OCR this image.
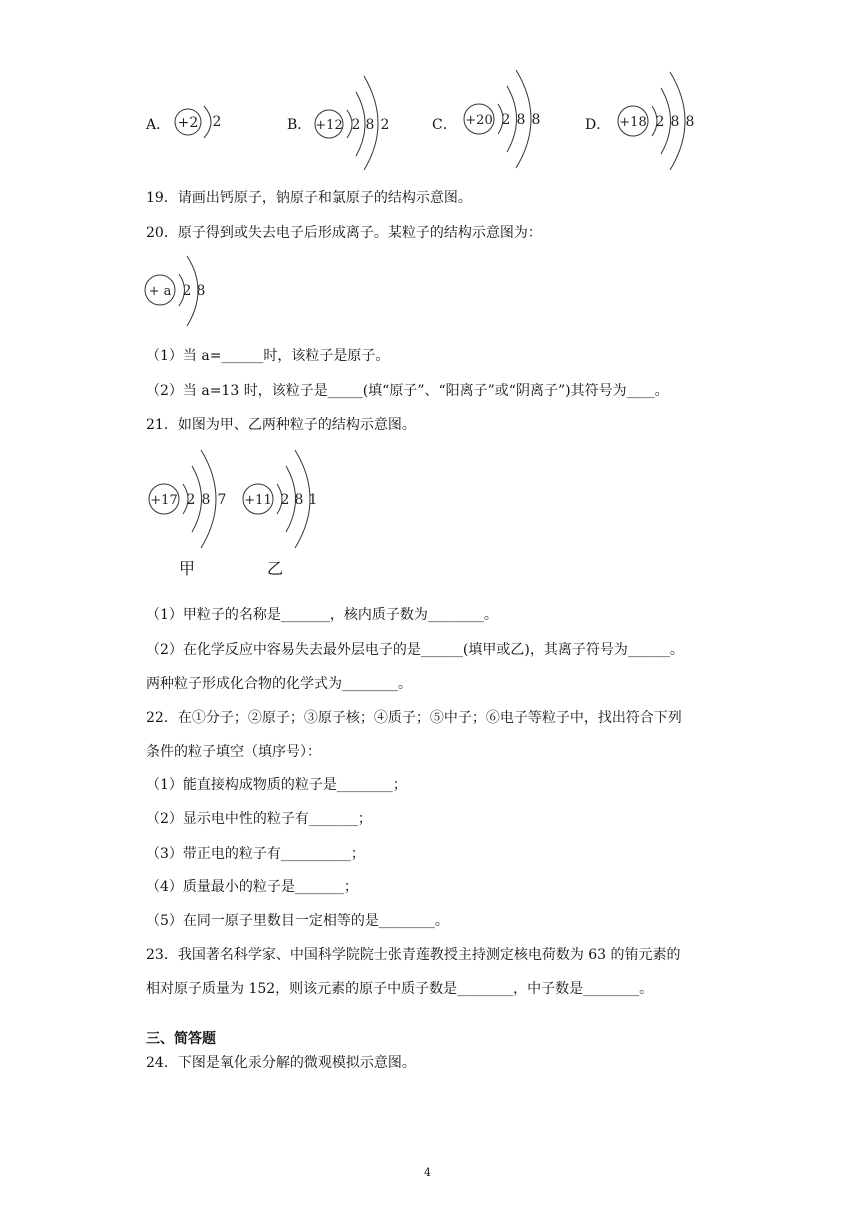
A． +2 2	B． +12 2 8 2	C． +20 2 8 8	D． +18 2 8 8
19．请画出钙原子，钠原子和氯原子的结构示意图。
20．原子得到或失去电子后形成离子。某粒子的结构示意图为：
+ a 2 8
（1）当 a=______时，该粒子是原子。
（2）当 a=13 时，该粒子是_____(填“原子”、“阳离子”或“阴离子”)其符号为____。
21．如图为甲、乙两种粒子的结构示意图。
+17 2 8 7 +11 2 8 1
甲	乙
（1）甲粒子的名称是_______，核内质子数为________。
（2）在化学反应中容易失去最外层电子的是______(填甲或乙)，其离子符号为______。
两种粒子形成化合物的化学式为________。
22．在①分子；②原子；③原子核；④质子；⑤中子；⑥电子等粒子中，找出符合下列
条件的粒子填空（填序号）：
（1）能直接构成物质的粒子是________；
（2）显示电中性的粒子有_______；
（3）带正电的粒子有__________；
（4）质量最小的粒子是_______；
（5）在同一原子里数目一定相等的是________。
23．我国著名科学家、中国科学院院士张青莲教授主持测定核电荷数为 63 的铕元素的
相对原子质量为 152，则该元素的原子中质子数是________，中子数是________。
三、简答题
24．下图是氧化汞分解的微观模拟示意图。
4
